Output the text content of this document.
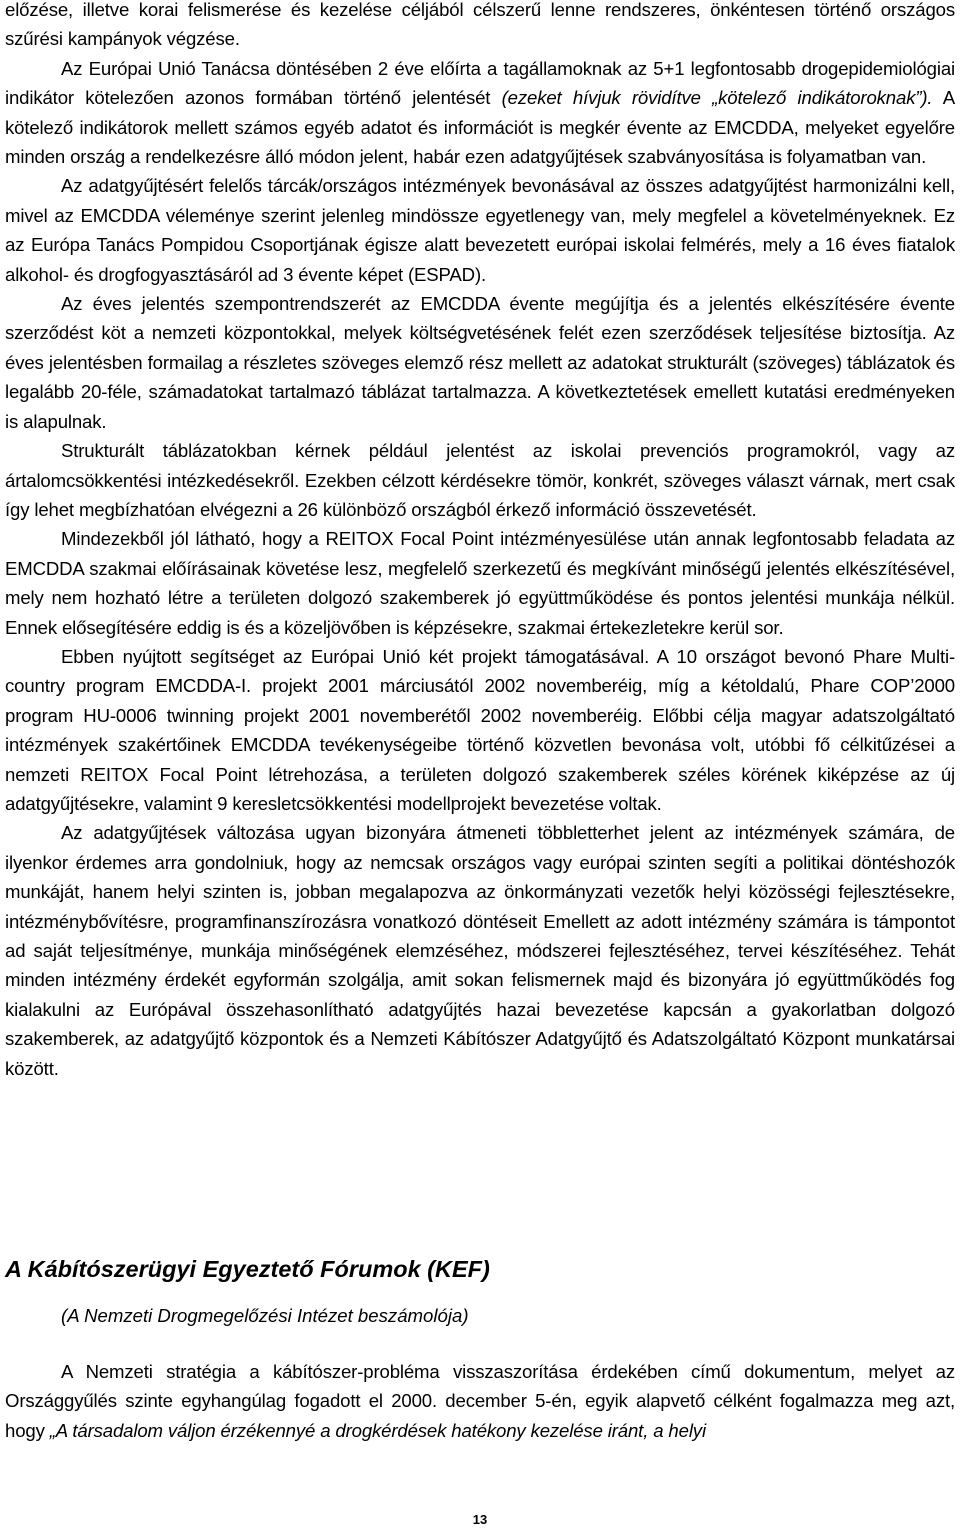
előzése, illetve korai felismerése és kezelése céljából célszerű lenne rendszeres, önkéntesen történő országos szűrési kampányok végzése.

Az Európai Unió Tanácsa döntésében 2 éve előírta a tagállamoknak az 5+1 legfontosabb drogepidemiológiai indikátor kötelezően azonos formában történő jelentését (ezeket hívjuk rövidítve „kötelező indikátoroknak”). A kötelező indikátorok mellett számos egyéb adatot és információt is megkér évente az EMCDDA, melyeket egyelőre minden ország a rendelkezésre álló módon jelent, habár ezen adatgyűjtések szabványosítása is folyamatban van.

Az adatgyűjtésért felelős tárcák/országos intézmények bevonásával az összes adatgyűjtést harmonizálni kell, mivel az EMCDDA véleménye szerint jelenleg mindössze egyetlenegy van, mely megfelel a követelményeknek. Ez az Európa Tanács Pompidou Csoportjának égisze alatt bevezetett európai iskolai felmérés, mely a 16 éves fiatalok alkohol- és drogfogyasztásáról ad 3 évente képet (ESPAD).

Az éves jelentés szempontrendszerét az EMCDDA évente megújítja és a jelentés elkészítésére évente szerződést köt a nemzeti központokkal, melyek költségvetésének felét ezen szerződések teljesítése biztosítja. Az éves jelentésben formailag a részletes szöveges elemző rész mellett az adatokat strukturált (szöveges) táblázatok és legalább 20-féle, számadatokat tartalmazó táblázat tartalmazza. A következtetések emellett kutatási eredményeken is alapulnak.

Strukturált táblázatokban kérnek például jelentést az iskolai prevenciós programokról, vagy az ártalomcsökkentési intézkedésekről. Ezekben célzott kérdésekre tömör, konkrét, szöveges választ várnak, mert csak így lehet megbízhatóan elvégezni a 26 különböző országból érkező információ összevetését.

Mindezekből jól látható, hogy a REITOX Focal Point intézményesülése után annak legfontosabb feladata az EMCDDA szakmai előírásainak követése lesz, megfelelő szerkezetű és megkívánt minőségű jelentés elkészítésével, mely nem hozható létre a területen dolgozó szakemberek jó együttműködése és pontos jelentési munkája nélkül. Ennek elősegítésére eddig is és a közeljövőben is képzésekre, szakmai értekezletekre kerül sor.

Ebben nyújtott segítséget az Európai Unió két projekt támogatásával. A 10 országot bevonó Phare Multi-country program EMCDDA-I. projekt 2001 márciusától 2002 novemberéig, míg a kétoldalú, Phare COP’2000 program HU-0006 twinning projekt 2001 novemberétől 2002 novemberéig. Előbbi célja magyar adatszolgáltató intézmények szakértőinek EMCDDA tevékenységeibe történő közvetlen bevonása volt, utóbbi fő célkitűzései a nemzeti REITOX Focal Point létrehozása, a területen dolgozó szakemberek széles körének kiképzése az új adatgyűjtésekre, valamint 9 keresletcsökkentési modellprojekt bevezetése voltak.

Az adatgyűjtések változása ugyan bizonyára átmeneti többletterhet jelent az intézmények számára, de ilyenkor érdemes arra gondolniuk, hogy az nemcsak országos vagy európai szinten segíti a politikai döntéshozók munkáját, hanem helyi szinten is, jobban megalapozva az önkormányzati vezetők helyi közösségi fejlesztésekre, intézménybővítésre, programfinanszírozásra vonatkozó döntéseit Emellett az adott intézmény számára is támpontot ad saját teljesítménye, munkája minőségének elemzéséhez, módszerei fejlesztéséhez, tervei készítéséhez. Tehát minden intézmény érdekét egyformán szolgálja, amit sokan felismernek majd és bizonyára jó együttműködés fog kialakulni az Európával összehasonlítható adatgyűjtés hazai bevezetése kapcsán a gyakorlatban dolgozó szakemberek, az adatgyűjtő központok és a Nemzeti Kábítószer Adatgyűjtő és Adatszolgáltató Központ munkatársai között.

A Kábítószerügyi Egyeztető Fórumok (KEF)

(A Nemzeti Drogmegelőzési Intézet beszámolója)

A Nemzeti stratégia a kábítószer-probléma visszaszorítása érdekében című dokumentum, melyet az Országgyűlés szinte egyhangúlag fogadott el 2000. december 5-én, egyik alapvető célként fogalmazza meg azt, hogy „A társadalom váljon érzékennyé a drogkérdések hatékony kezelése iránt, a helyi

13
